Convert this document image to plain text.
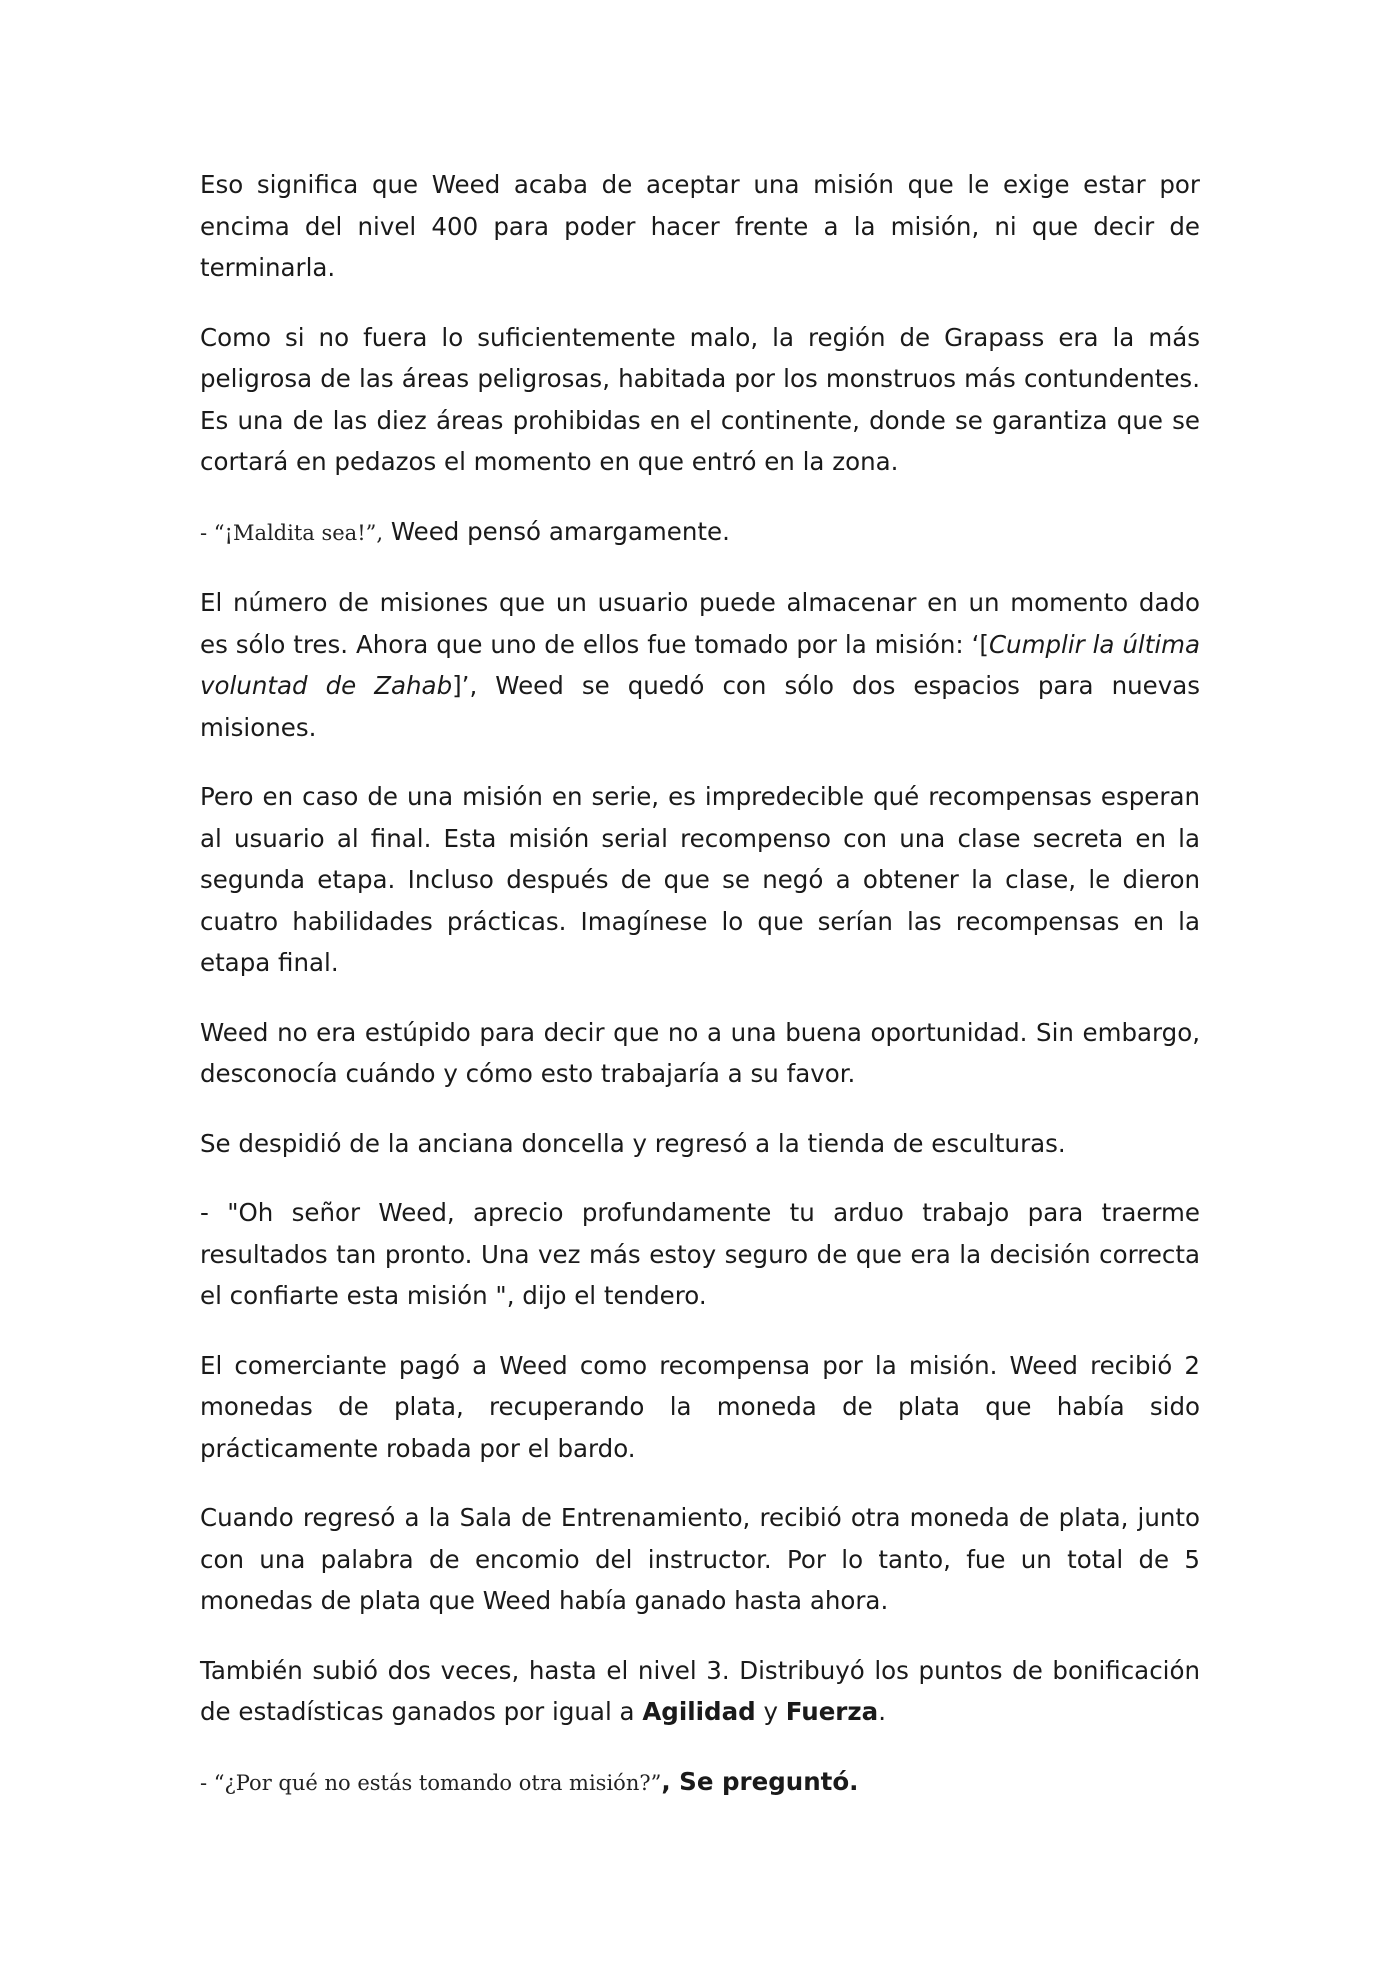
Eso significa que Weed acaba de aceptar una misión que le exige estar por encima del nivel 400 para poder hacer frente a la misión, ni que decir de terminarla.

Como si no fuera lo suficientemente malo, la región de Grapass era la más peligrosa de las áreas peligrosas, habitada por los monstruos más contundentes. Es una de las diez áreas prohibidas en el continente, donde se garantiza que se cortará en pedazos el momento en que entró en la zona.

- “¡Maldita sea!”, Weed pensó amargamente.

El número de misiones que un usuario puede almacenar en un momento dado es sólo tres. Ahora que uno de ellos fue tomado por la misión: ‘[Cumplir la última voluntad de Zahab]’, Weed se quedó con sólo dos espacios para nuevas misiones.

Pero en caso de una misión en serie, es impredecible qué recompensas esperan al usuario al final. Esta misión serial recompenso con una clase secreta en la segunda etapa. Incluso después de que se negó a obtener la clase, le dieron cuatro habilidades prácticas. Imagínese lo que serían las recompensas en la etapa final.

Weed no era estúpido para decir que no a una buena oportunidad. Sin embargo, desconocía cuándo y cómo esto trabajaría a su favor.

Se despidió de la anciana doncella y regresó a la tienda de esculturas.

- "Oh señor Weed, aprecio profundamente tu arduo trabajo para traerme resultados tan pronto. Una vez más estoy seguro de que era la decisión correcta el confiarte esta misión ", dijo el tendero.

El comerciante pagó a Weed como recompensa por la misión. Weed recibió 2 monedas de plata, recuperando la moneda de plata que había sido prácticamente robada por el bardo.

Cuando regresó a la Sala de Entrenamiento, recibió otra moneda de plata, junto con una palabra de encomio del instructor. Por lo tanto, fue un total de 5 monedas de plata que Weed había ganado hasta ahora.

También subió dos veces, hasta el nivel 3. Distribuyó los puntos de bonificación de estadísticas ganados por igual a Agilidad y Fuerza.

- “¿Por qué no estás tomando otra misión?”, Se preguntó.
